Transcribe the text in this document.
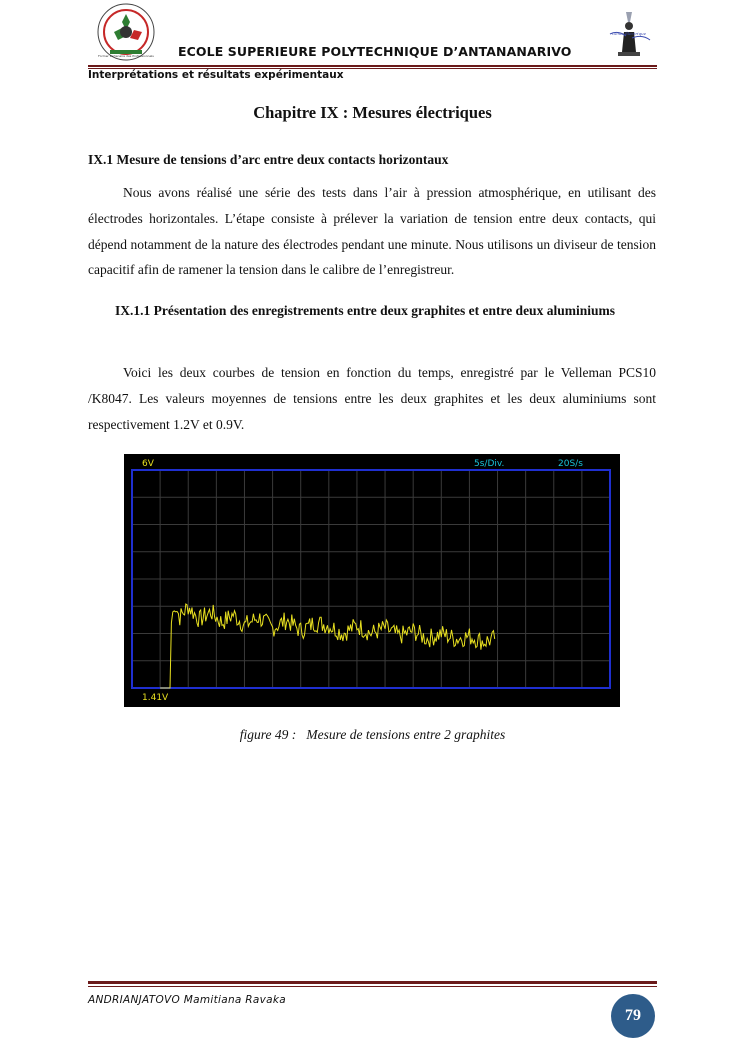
Former Partenaire des Professionnels
Génie Électrique
ECOLE SUPERIEURE POLYTECHNIQUE D’ANTANANARIVO
Interprétations et résultats expérimentaux
Chapitre IX : Mesures électriques
IX.1 Mesure de tensions d’arc entre deux contacts horizontaux
Nous avons réalisé une série des tests dans l’air à pression atmosphérique, en utilisant des électrodes horizontales. L’étape consiste à prélever la variation de tension entre deux contacts, qui dépend notamment de la nature des électrodes pendant une minute. Nous utilisons un diviseur de tension capacitif afin de ramener la tension dans le calibre de l’enregistreur.
IX.1.1 Présentation des enregistrements entre deux graphites et entre deux aluminiums
Voici les deux courbes de tension en fonction du temps, enregistré par le Velleman PCS10 /K8047. Les valeurs moyennes de tensions entre les deux graphites et les deux aluminiums sont respectivement 1.2V et 0.9V.
6V	5s/Div.	20S/s
1.41V
figure 49 :   Mesure de tensions entre 2 graphites
ANDRIANJATOVO Mamitiana Ravaka
79
